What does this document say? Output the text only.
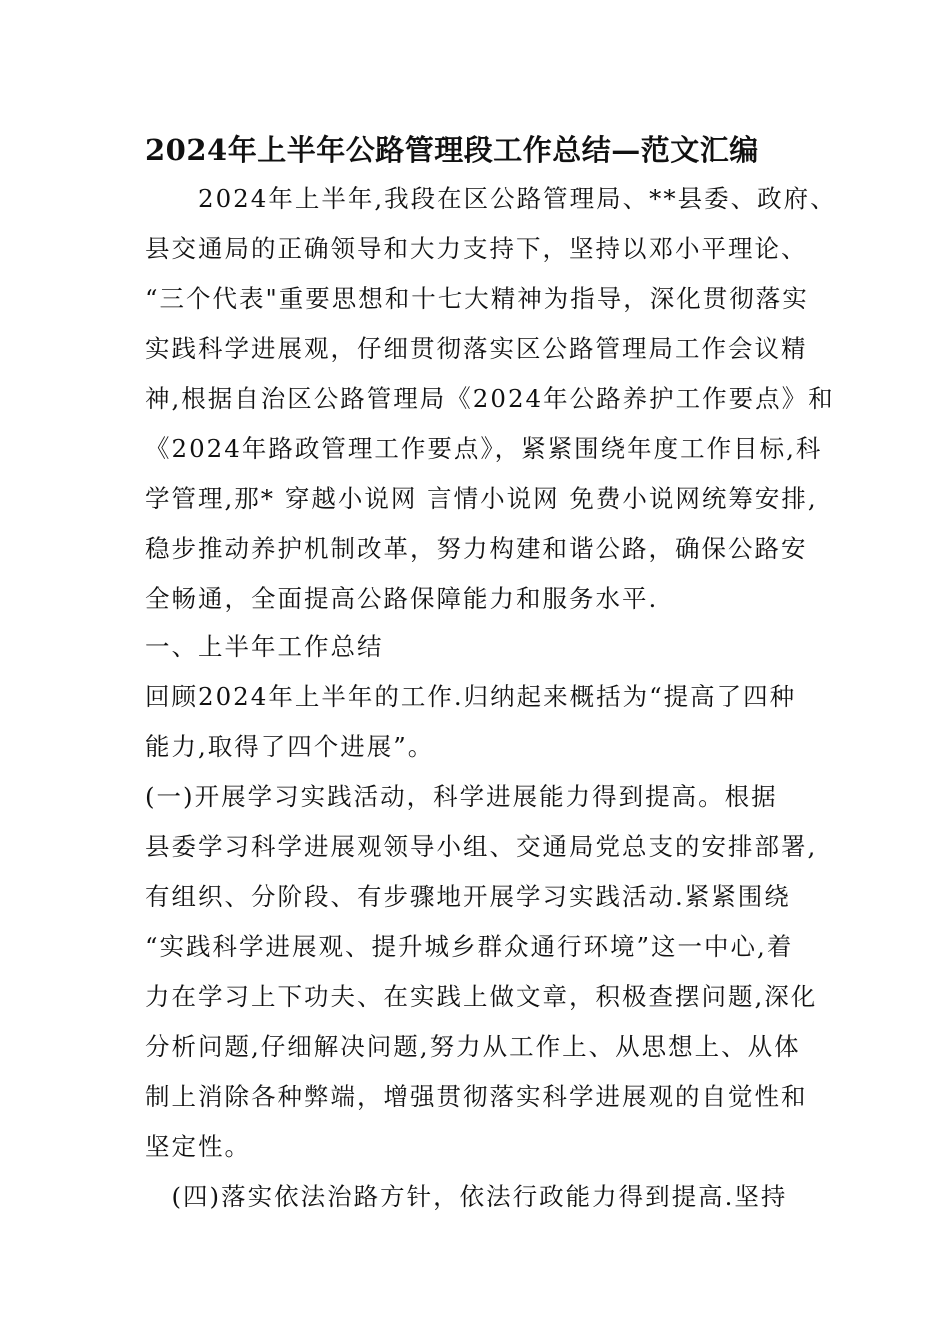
2024年上半年公路管理段工作总结—范文汇编
　　2024年上半年,我段在区公路管理局、**县委、政府、
县交通局的正确领导和大力支持下，坚持以邓小平理论、
“三个代表"重要思想和十七大精神为指导，深化贯彻落实
实践科学进展观，仔细贯彻落实区公路管理局工作会议精
神,根据自治区公路管理局《2024年公路养护工作要点》和
《2024年路政管理工作要点》，紧紧围绕年度工作目标,科
学管理,那* 穿越小说网 言情小说网 免费小说网统筹安排,
稳步推动养护机制改革，努力构建和谐公路，确保公路安
全畅通，全面提高公路保障能力和服务水平.
一、上半年工作总结
回顾2024年上半年的工作.归纳起来概括为“提高了四种
能力,取得了四个进展”。
(一)开展学习实践活动，科学进展能力得到提高。根据
县委学习科学进展观领导小组、交通局党总支的安排部署,
有组织、分阶段、有步骤地开展学习实践活动.紧紧围绕
“实践科学进展观、提升城乡群众通行环境”这一中心,着
力在学习上下功夫、在实践上做文章，积极查摆问题,深化
分析问题,仔细解决问题,努力从工作上、从思想上、从体
制上消除各种弊端，增强贯彻落实科学进展观的自觉性和
坚定性。
　(四)落实依法治路方针，依法行政能力得到提高.坚持
